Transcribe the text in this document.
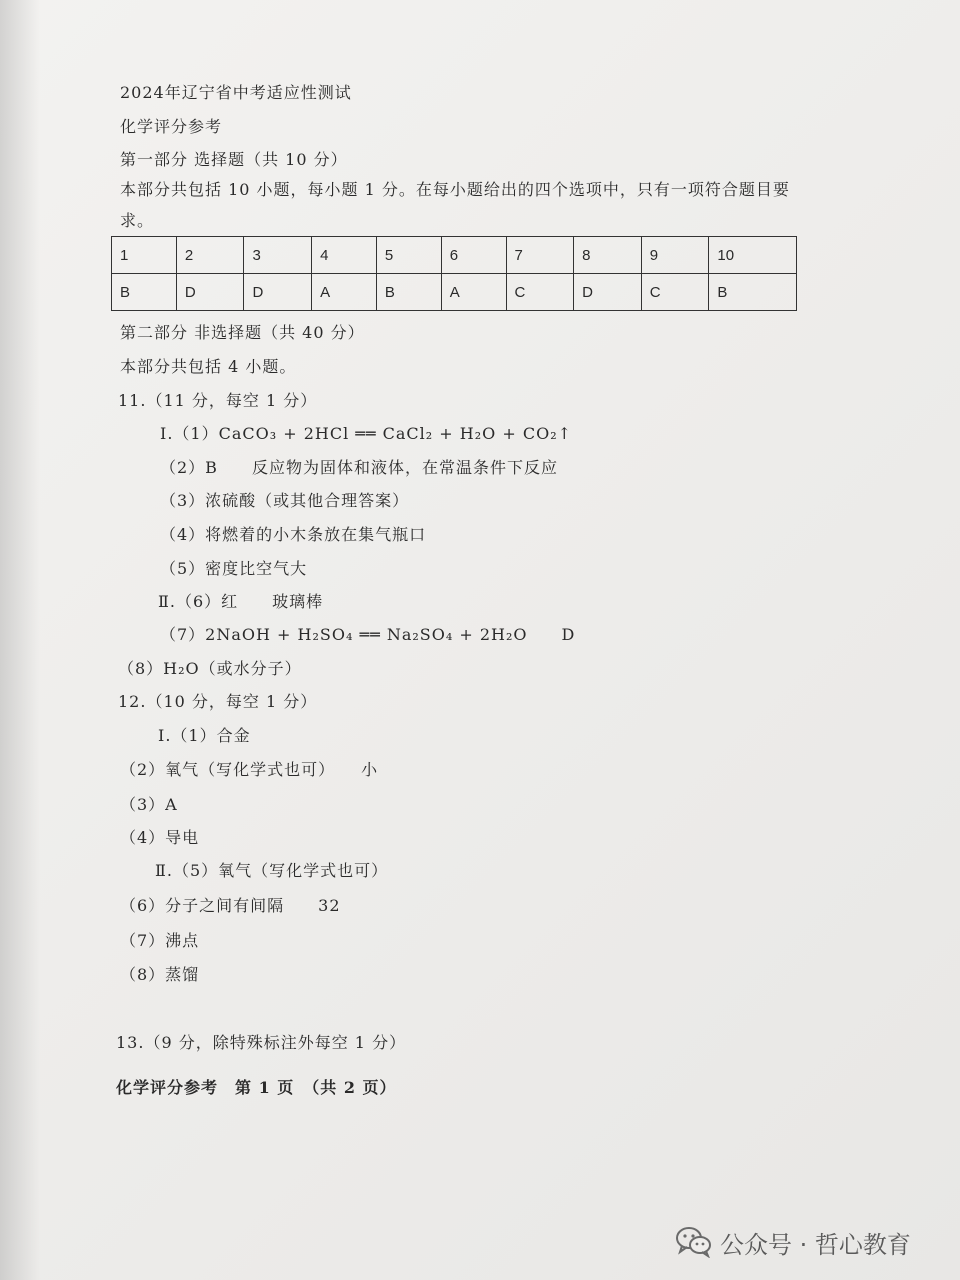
2024年辽宁省中考适应性测试
化学评分参考
第一部分 选择题（共 10 分）
本部分共包括 10 小题，每小题 1 分。在每小题给出的四个选项中，只有一项符合题目要
求。
1	2	3	4	5	6	7	8	9	10
B	D	D	A	B	A	C	D	C	B
第二部分 非选择题（共 40 分）
本部分共包括 4 小题。
11.（11 分，每空 1 分）
Ⅰ.（1）CaCO₃ + 2HCl ══ CaCl₂ + H₂O + CO₂↑
（2）B　　反应物为固体和液体，在常温条件下反应
（3）浓硫酸（或其他合理答案）
（4）将燃着的小木条放在集气瓶口
（5）密度比空气大
Ⅱ.（6）红　　玻璃棒
（7）2NaOH + H₂SO₄ ══ Na₂SO₄ + 2H₂O　　D
（8）H₂O（或水分子）
12.（10 分，每空 1 分）
Ⅰ.（1）合金
（2）氧气（写化学式也可）　　小
（3）A
（4）导电
Ⅱ.（5）氧气（写化学式也可）
（6）分子之间有间隔　　32
（7）沸点
（8）蒸馏
13.（9 分，除特殊标注外每空 1 分）
化学评分参考　第 1 页　（共 2 页）
公众号 · 哲心教育
